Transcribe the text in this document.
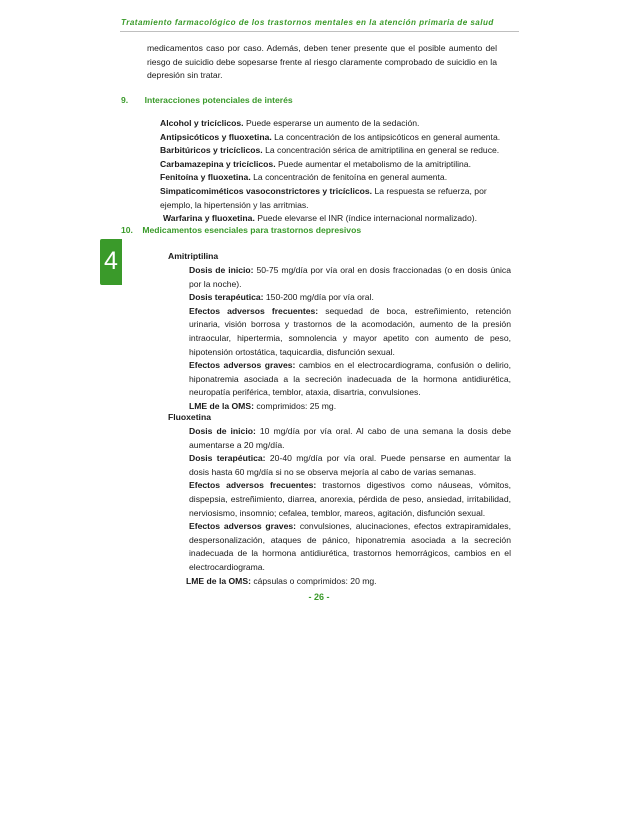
Tratamiento farmacológico de los trastornos mentales en la atención primaria de salud
4
medicamentos caso por caso. Además, deben tener presente que el posible aumento del riesgo de suicidio debe sopesarse frente al riesgo claramente comprobado de suicidio en la depresión sin tratar.
9. Interacciones potenciales de interés
Alcohol y tricíclicos. Puede esperarse un aumento de la sedación.
Antipsicóticos y fluoxetina. La concentración de los antipsicóticos en general aumenta.
Barbitúricos y tricíclicos. La concentración sérica de amitriptilina en general se reduce.
Carbamazepina y tricíclicos. Puede aumentar el metabolismo de la amitriptilina.
Fenitoína y fluoxetina. La concentración de fenitoína en general aumenta.
Simpaticomiméticos vasoconstrictores y tricíclicos. La respuesta se refuerza, por
ejemplo, la hipertensión y las arritmias.
Warfarina y fluoxetina. Puede elevarse el INR (índice internacional normalizado).
10. Medicamentos esenciales para trastornos depresivos
Amitriptilina
Dosis de inicio: 50-75 mg/día por vía oral en dosis fraccionadas (o en dosis única por la noche).
Dosis terapéutica: 150-200 mg/día por vía oral.
Efectos adversos frecuentes: sequedad de boca, estreñimiento, retención urinaria, visión borrosa y trastornos de la acomodación, aumento de la presión intraocular, hipertermia, somnolencia y mayor apetito con aumento de peso, hipotensión ortostática, taquicardia, disfunción sexual.
Efectos adversos graves: cambios en el electrocardiograma, confusión o delirio, hiponatremia asociada a la secreción inadecuada de la hormona antidiurética, neuropatía periférica, temblor, ataxia, disartria, convulsiones.
LME de la OMS: comprimidos: 25 mg.
Fluoxetina
Dosis de inicio: 10 mg/día por vía oral. Al cabo de una semana la dosis debe aumentarse a 20 mg/día.
Dosis terapéutica: 20-40 mg/día por vía oral. Puede pensarse en aumentar la dosis hasta 60 mg/día si no se observa mejoría al cabo de varias semanas.
Efectos adversos frecuentes: trastornos digestivos como náuseas, vómitos, dispepsia, estreñimiento, diarrea, anorexia, pérdida de peso, ansiedad, irritabilidad, nerviosismo, insomnio; cefalea, temblor, mareos, agitación, disfunción sexual.
Efectos adversos graves: convulsiones, alucinaciones, efectos extrapiramidales, despersonalización, ataques de pánico, hiponatremia asociada a la secreción inadecuada de la hormona antidiurética, trastornos hemorrágicos, cambios en el electrocardiograma.
LME de la OMS: cápsulas o comprimidos: 20 mg.
- 26 -
